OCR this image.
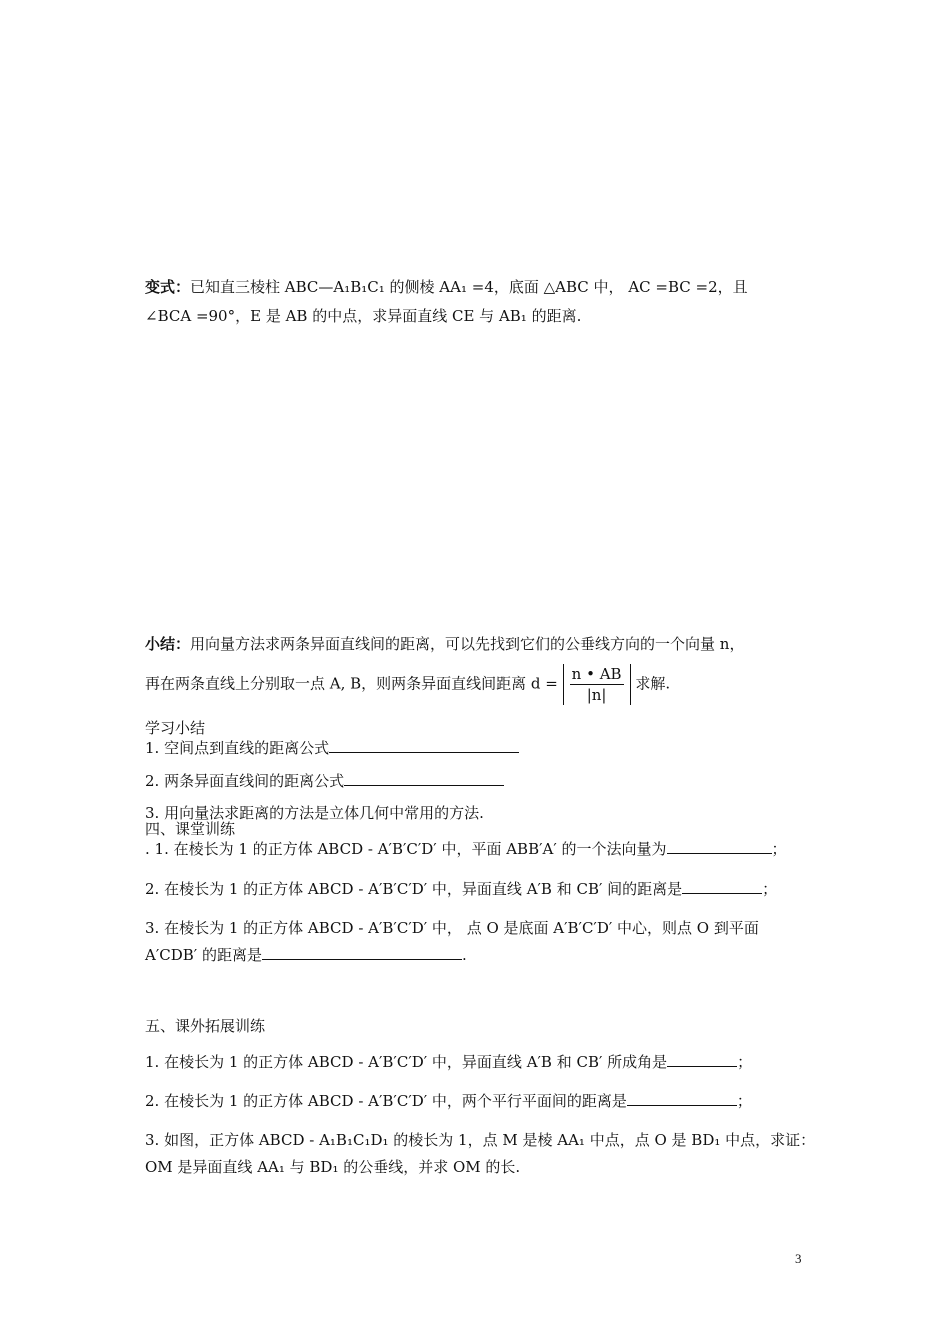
变式：已知直三棱柱 ABC—A₁B₁C₁ 的侧棱 AA₁ =4，底面 △ABC 中， AC =BC =2，且
∠BCA =90°，E 是 AB 的中点，求异面直线 CE 与 AB₁ 的距离.
小结：用向量方法求两条异面直线间的距离，可以先找到它们的公垂线方向的一个向量 n，
再在两条直线上分别取一点 A, B，则两条异面直线间距离 $d = \frac{n • AB}{|n|}$ 求解.
学习小结
1. 空间点到直线的距离公式
2. 两条异面直线间的距离公式
3. 用向量法求距离的方法是立体几何中常用的方法.
四、课堂训练
. 1. 在棱长为 1 的正方体 ABCD - A′B′C′D′ 中，平面 ABB′A′ 的一个法向量为	；
2. 在棱长为 1 的正方体 ABCD - A′B′C′D′ 中，异面直线 A′B 和 CB′ 间的距离是	；
3. 在棱长为 1 的正方体 ABCD - A′B′C′D′ 中， 点 O 是底面 A′B′C′D′ 中心，则点 O 到平面
A′CDB′ 的距离是	.
五、课外拓展训练
1. 在棱长为 1 的正方体 ABCD - A′B′C′D′ 中，异面直线 A′B 和 CB′ 所成角是	；
2. 在棱长为 1 的正方体 ABCD - A′B′C′D′ 中，两个平行平面间的距离是	；
3. 如图，正方体 ABCD - A₁B₁C₁D₁ 的棱长为 1，点 M 是棱 AA₁ 中点，点 O 是 BD₁ 中点，求证：
OM 是异面直线 AA₁ 与 BD₁ 的公垂线，并求 OM 的长.
3
